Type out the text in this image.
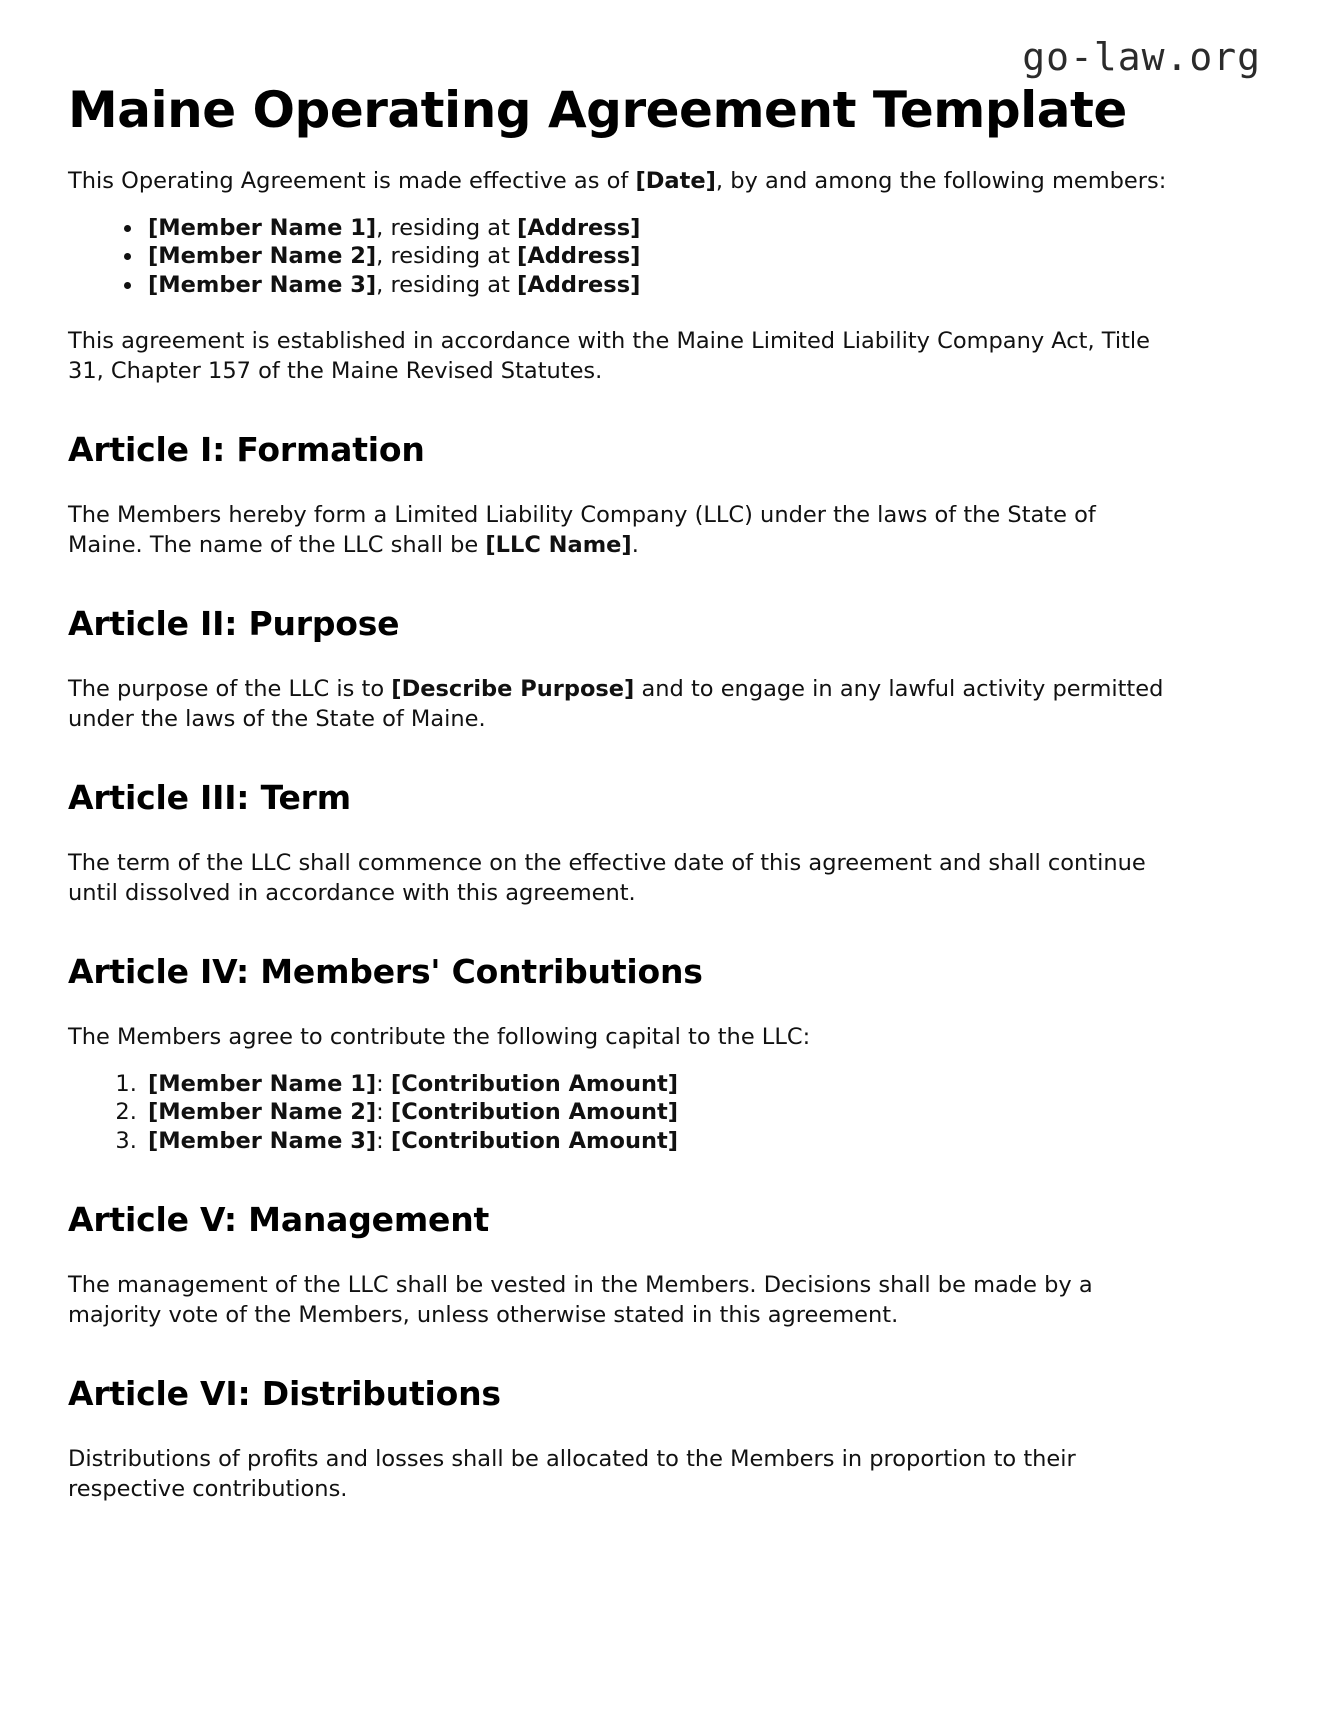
go-law.org
Maine Operating Agreement Template

This Operating Agreement is made effective as of [Date], by and among the following members:

• [Member Name 1], residing at [Address]
• [Member Name 2], residing at [Address]
• [Member Name 3], residing at [Address]

This agreement is established in accordance with the Maine Limited Liability Company Act, Title 31, Chapter 157 of the Maine Revised Statutes.

Article I: Formation

The Members hereby form a Limited Liability Company (LLC) under the laws of the State of Maine. The name of the LLC shall be [LLC Name].

Article II: Purpose

The purpose of the LLC is to [Describe Purpose] and to engage in any lawful activity permitted under the laws of the State of Maine.

Article III: Term

The term of the LLC shall commence on the effective date of this agreement and shall continue until dissolved in accordance with this agreement.

Article IV: Members' Contributions

The Members agree to contribute the following capital to the LLC:

1. [Member Name 1]: [Contribution Amount]
2. [Member Name 2]: [Contribution Amount]
3. [Member Name 3]: [Contribution Amount]
Article V: Management

The management of the LLC shall be vested in the Members. Decisions shall be made by a majority vote of the Members, unless otherwise stated in this agreement.

Article VI: Distributions

Distributions of profits and losses shall be allocated to the Members in proportion to their respective contributions.
